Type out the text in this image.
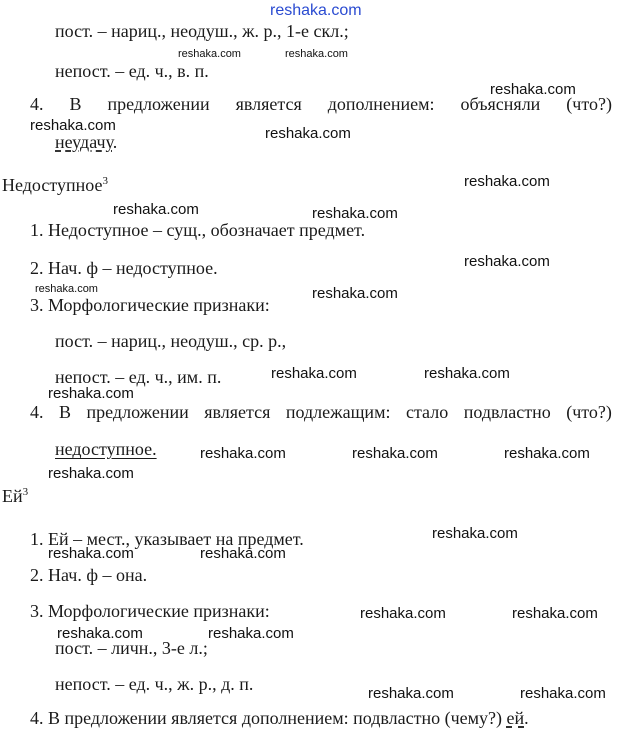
reshaka.com
пост. – нариц., неодуш., ж. р., 1-е скл.;
reshaka.com	reshaka.com
непост. – ед. ч., в. п.
reshaka.com
4. В предложении является дополнением: объясняли (что?)
reshaka.com	reshaka.com
неудачу.
Недоступное$^3$	reshaka.com
reshaka.com	reshaka.com
1. Недоступное – сущ., обозначает предмет.
reshaka.com
2. Нач. ф – недоступное.
reshaka.com	reshaka.com
3. Морфологические признаки:
пост. – нариц., неодуш., ср. р.,
непост. – ед. ч., им. п.	reshaka.com	reshaka.com
reshaka.com
4. В предложении является подлежащим: стало подвластно (что?)
недоступное.	reshaka.com	reshaka.com	reshaka.com
reshaka.com
$Ей^3$
reshaka.com
1. Ей – мест., указывает на предмет.
reshaka.com	reshaka.com
2. Нач. ф – она.
3. Морфологические признаки:	reshaka.com	reshaka.com
reshaka.com	reshaka.com
пост. – личн., 3-е л.;
непост. – ед. ч., ж. р., д. п.	reshaka.com	reshaka.com
4. В предложении является дополнением: подвластно (чему?) ей.
